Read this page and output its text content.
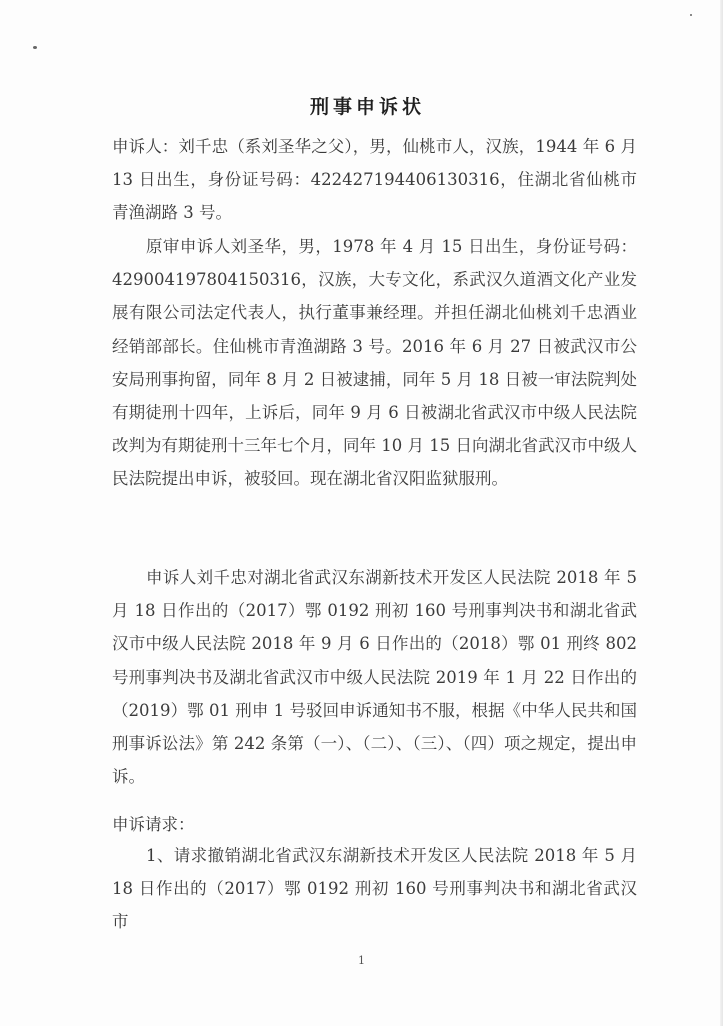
刑事申诉状

申诉人：刘千忠（系刘圣华之父），男，仙桃市人，汉族，1944 年 6 月 13 日出生，身份证号码：422427194406130316，住湖北省仙桃市青渔湖路 3 号。

原审申诉人刘圣华，男，1978 年 4 月 15 日出生，身份证号码：429004197804150316，汉族，大专文化，系武汉久道酒文化产业发展有限公司法定代表人，执行董事兼经理。并担任湖北仙桃刘千忠酒业经销部部长。住仙桃市青渔湖路 3 号。2016 年 6 月 27 日被武汉市公安局刑事拘留，同年 8 月 2 日被逮捕，同年 5 月 18 日被一审法院判处有期徒刑十四年，上诉后，同年 9 月 6 日被湖北省武汉市中级人民法院改判为有期徒刑十三年七个月，同年 10 月 15 日向湖北省武汉市中级人民法院提出申诉，被驳回。现在湖北省汉阳监狱服刑。

申诉人刘千忠对湖北省武汉东湖新技术开发区人民法院 2018 年 5 月 18 日作出的（2017）鄂 0192 刑初 160 号刑事判决书和湖北省武汉市中级人民法院 2018 年 9 月 6 日作出的（2018）鄂 01 刑终 802 号刑事判决书及湖北省武汉市中级人民法院 2019 年 1 月 22 日作出的（2019）鄂 01 刑申 1 号驳回申诉通知书不服，根据《中华人民共和国刑事诉讼法》第 242 条第（一）、（二）、（三）、（四）项之规定，提出申诉。

申诉请求：

1、请求撤销湖北省武汉东湖新技术开发区人民法院 2018 年 5 月 18 日作出的（2017）鄂 0192 刑初 160 号刑事判决书和湖北省武汉市

1
